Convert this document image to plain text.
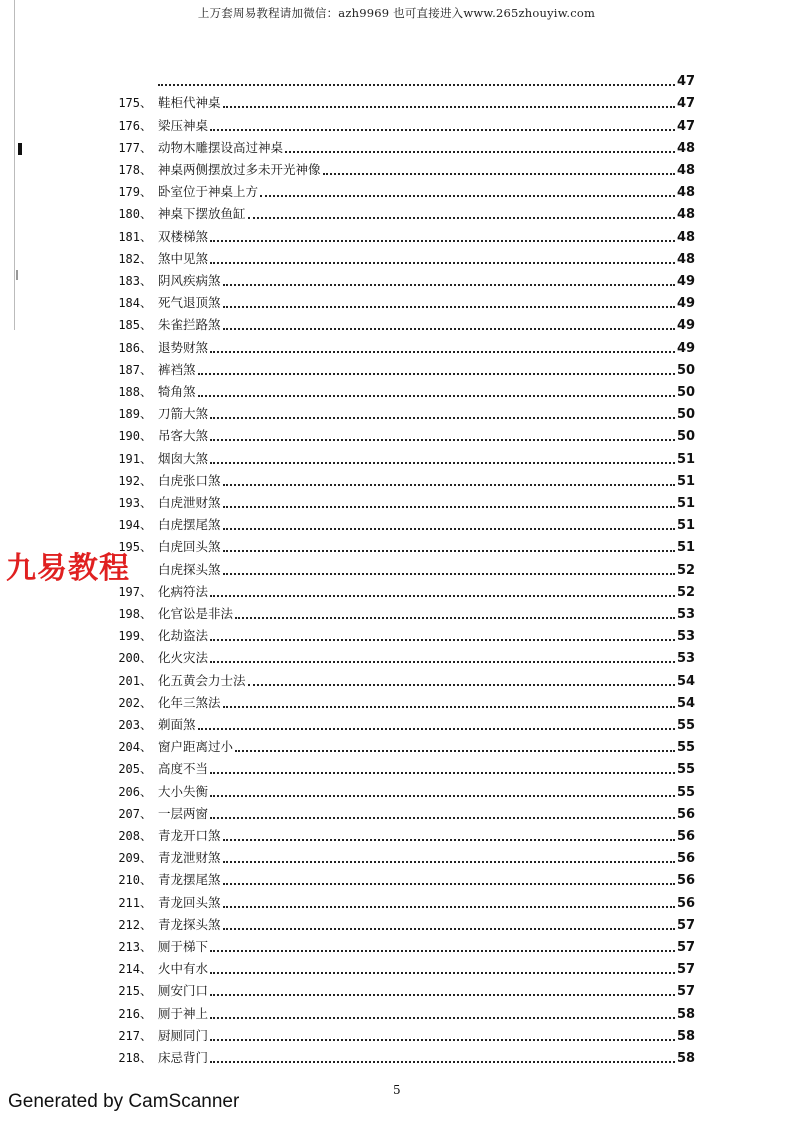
上万套周易教程请加微信：azh9969 也可直接进入www.265zhouyiw.com
47
175、 鞋柜代神桌	47
176、 梁压神桌	47
177、 动物木雕摆设高过神桌	48
178、 神桌两侧摆放过多未开光神像	48
179、 卧室位于神桌上方	48
180、 神桌下摆放鱼缸	48
181、 双楼梯煞	48
182、 煞中见煞	48
183、 阴风疾病煞	49
184、 死气退顶煞	49
185、 朱雀拦路煞	49
186、 退势财煞	49
187、 裤裆煞	50
188、 犄角煞	50
189、 刀箭大煞	50
190、 吊客大煞	50
191、 烟囱大煞	51
192、 白虎张口煞	51
193、 白虎泄财煞	51
194、 白虎摆尾煞	51
195、 白虎回头煞	51
白虎探头煞	52
197、 化病符法	52
198、 化官讼是非法	53
199、 化劫盗法	53
200、 化火灾法	53
201、 化五黄会力士法	54
202、 化年三煞法	54
203、 剃面煞	55
204、 窗户距离过小	55
205、 高度不当	55
206、 大小失衡	55
207、 一层两窗	56
208、 青龙开口煞	56
209、 青龙泄财煞	56
210、 青龙摆尾煞	56
211、 青龙回头煞	56
212、 青龙探头煞	57
213、 厕于梯下	57
214、 火中有水	57
215、 厕安门口	57
216、 厕于神上	58
217、 厨厕同门	58
218、 床忌背门	58
九易教程
5
Generated by CamScanner
